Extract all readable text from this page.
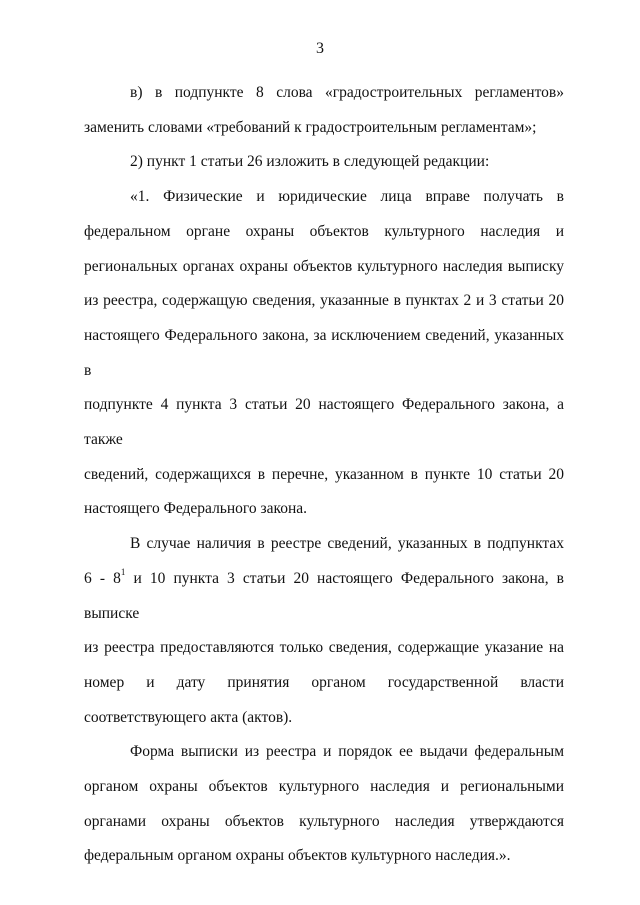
3
в) в подпункте 8 слова «градостроительных регламентов»
заменить словами «требований к градостроительным регламентам»;
2) пункт 1 статьи 26 изложить в следующей редакции:
«1. Физические и юридические лица вправе получать в
федеральном органе охраны объектов культурного наследия и
региональных органах охраны объектов культурного наследия выписку
из реестра, содержащую сведения, указанные в пунктах 2 и 3 статьи 20
настоящего Федерального закона, за исключением сведений, указанных в
подпункте 4 пункта 3 статьи 20 настоящего Федерального закона, а также
сведений, содержащихся в перечне, указанном в пункте 10 статьи 20
настоящего Федерального закона.
В случае наличия в реестре сведений, указанных в подпунктах
$6 - 8^1$ и 10 пункта 3 статьи 20 настоящего Федерального закона, в выписке
из реестра предоставляются только сведения, содержащие указание на
номер и дату принятия органом государственной власти
соответствующего акта (актов).
Форма выписки из реестра и порядок ее выдачи федеральным
органом охраны объектов культурного наследия и региональными
органами охраны объектов культурного наследия утверждаются
федеральным органом охраны объектов культурного наследия.».
